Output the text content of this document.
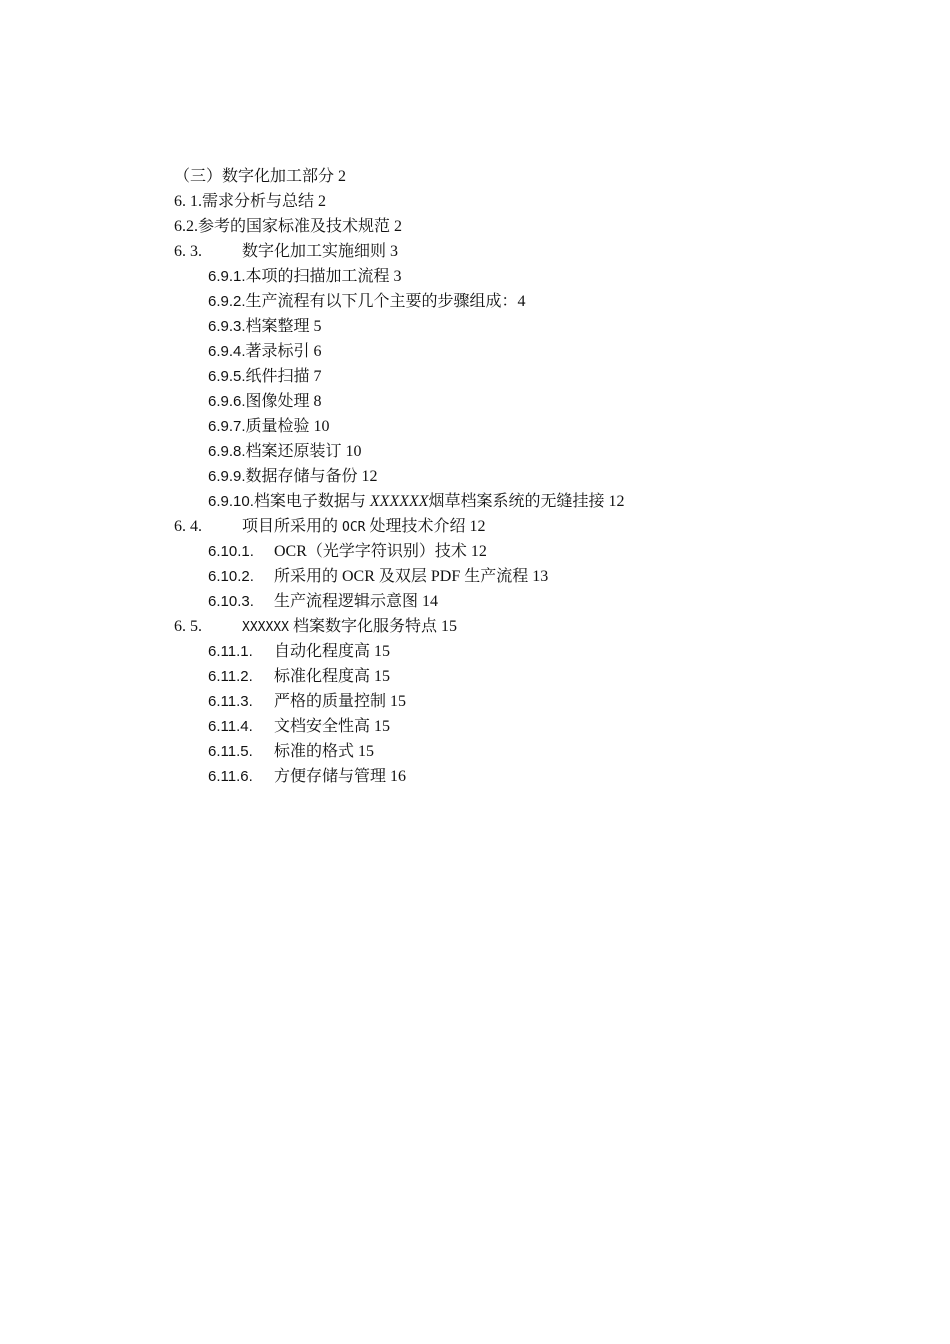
（三）数字化加工部分 2
6. 1.需求分析与总结 2
6.2.参考的国家标准及技术规范 2
6. 3.	数字化加工实施细则 3
6.9.1.本项的扫描加工流程 3
6.9.2.生产流程有以下几个主要的步骤组成：4
6.9.3.档案整理 5
6.9.4.著录标引 6
6.9.5.纸件扫描 7
6.9.6.图像处理 8
6.9.7.质量检验 10
6.9.8.档案还原装订 10
6.9.9.数据存储与备份 12
6.9.10.档案电子数据与 XXXXXX烟草档案系统的无缝挂接 12
6. 4.	项目所采用的 OCR 处理技术介绍 12
6.10.1. OCR（光学字符识别）技术 12
6.10.2. 所采用的 OCR 及双层 PDF 生产流程 13
6.10.3. 生产流程逻辑示意图 14
6. 5.	XXXXXX 档案数字化服务特点 15
6.11.1. 自动化程度高 15
6.11.2. 标准化程度高 15
6.11.3. 严格的质量控制 15
6.11.4. 文档安全性高 15
6.11.5. 标准的格式 15
6.11.6. 方便存储与管理 16
